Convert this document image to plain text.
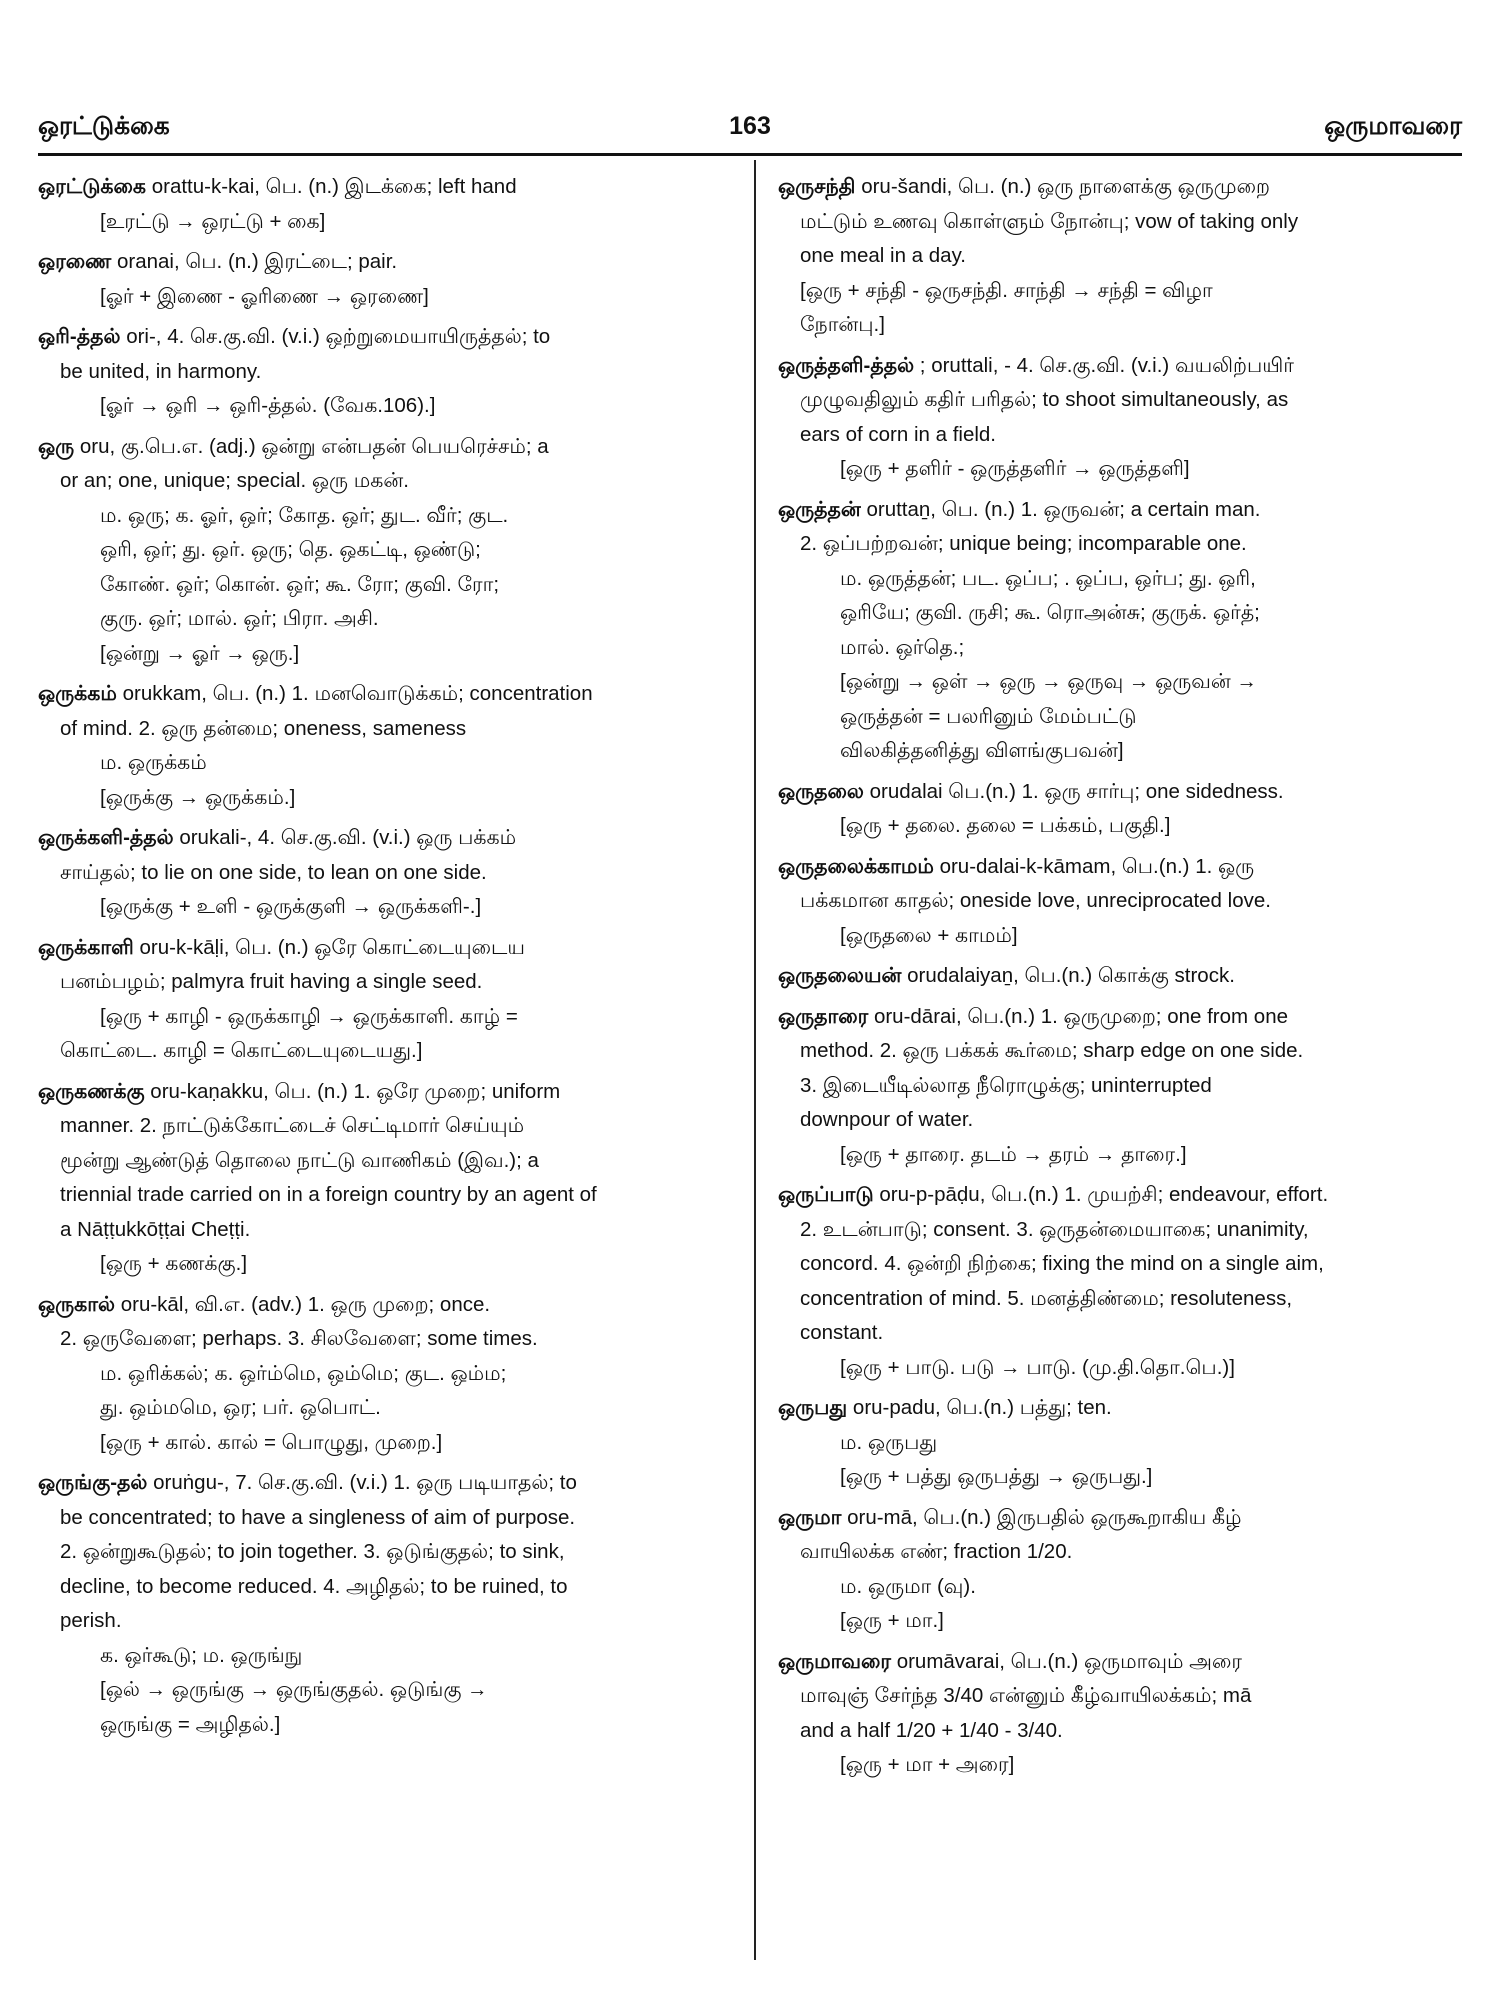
ஒரட்டுக்கை	163	ஒருமாவரை
ஒரட்டுக்கை orattu-k-kai, பெ. (n.) இடக்கை; left hand
[உரட்டு → ஒரட்டு + கை]
ஒரணை oranai, பெ. (n.) இரட்டை; pair.
[ஓர் + இணை - ஓரிணை → ஒரணை]
ஒரி-த்தல் ori-, 4. செ.கு.வி. (v.i.) ஒற்றுமையாயிருத்தல்; to
be united, in harmony.
[ஓர் → ஒரி → ஒரி-த்தல். (வேக.106).]
ஒரு oru, கு.பெ.எ. (adj.) ஒன்று என்பதன் பெயரெச்சம்; a
or an; one, unique; special. ஒரு மகன்.
ம. ஒரு; க. ஓர், ஒர்; கோத. ஒர்; துட. வீர்; குட.
ஒரி, ஒர்; து. ஒர். ஒரு; தெ. ஒகட்டி, ஒண்டு;
கோண். ஒர்; கொன். ஒர்; கூ. ரோ; குவி. ரோ;
குரு. ஒர்; மால். ஒர்; பிரா. அசி.
[ஒன்று → ஓர் → ஒரு.]
ஒருக்கம் orukkam, பெ. (n.) 1. மனவொடுக்கம்; concentration
of mind. 2. ஒரு தன்மை; oneness, sameness
ம. ஒருக்கம்
[ஒருக்கு → ஒருக்கம்.]
ஒருக்களி-த்தல் orukali-, 4. செ.கு.வி. (v.i.) ஒரு பக்கம்
சாய்தல்; to lie on one side, to lean on one side.
[ஒருக்கு + உளி - ஒருக்குளி → ஒருக்களி-.]
ஒருக்காளி oru-k-kāḷi, பெ. (n.) ஒரே கொட்டையுடைய
பனம்பழம்; palmyra fruit having a single seed.
[ஒரு + காழி - ஒருக்காழி → ஒருக்காளி. காழ் =
கொட்டை. காழி = கொட்டையுடையது.]
ஒருகணக்கு oru-kaṇakku, பெ. (n.) 1. ஒரே முறை; uniform
manner. 2. நாட்டுக்கோட்டைச் செட்டிமார் செய்யும்
மூன்று ஆண்டுத் தொலை நாட்டு வாணிகம் (இவ.); a
triennial trade carried on in a foreign country by an agent of
a Nāṭṭukkōṭṭai Cheṭṭi.
[ஒரு + கணக்கு.]
ஒருகால் oru-kāl, வி.எ. (adv.) 1. ஒரு முறை; once.
2. ஒருவேளை; perhaps. 3. சிலவேளை; some times.
ம. ஒரிக்கல்; க. ஒர்ம்மெ, ஒம்மெ; குட. ஒம்ம;
து. ஒம்மமெ, ஒர; பர். ஒபொட்.
[ஒரு + கால். கால் = பொழுது, முறை.]
ஒருங்கு-தல் oruṅgu-, 7. செ.கு.வி. (v.i.) 1. ஒரு படியாதல்; to
be concentrated; to have a singleness of aim of purpose.
2. ஒன்றுகூடுதல்; to join together. 3. ஒடுங்குதல்; to sink,
decline, to become reduced. 4. அழிதல்; to be ruined, to
perish.
க. ஒர்கூடு; ம. ஒருங்நு
[ஒல் → ஒருங்கு → ஒருங்குதல். ஒடுங்கு →
ஒருங்கு = அழிதல்.]
ஒருசந்தி oru-šandi, பெ. (n.) ஒரு நாளைக்கு ஒருமுறை
மட்டும் உணவு கொள்ளும் நோன்பு; vow of taking only
one meal in a day.
[ஒரு + சந்தி - ஒருசந்தி. சாந்தி → சந்தி = விழா
நோன்பு.]
ஒருத்தளி-த்தல் ; oruttali, - 4. செ.கு.வி. (v.i.) வயலிற்பயிர்
முழுவதிலும் கதிர் பரிதல்; to shoot simultaneously, as
ears of corn in a field.
[ஒரு + தளிர் - ஒருத்தளிர் → ஒருத்தளி]
ஒருத்தன் oruttaṉ, பெ. (n.) 1. ஒருவன்; a certain man.
2. ஒப்பற்றவன்; unique being; incomparable one.
ம. ஒருத்தன்; பட. ஒப்ப; . ஒப்ப, ஒர்ப; து. ஒரி,
ஒரியே; குவி. ருசி; கூ. ரொஅன்சு; குருக். ஒர்த்;
மால். ஒர்தெ.;
[ஒன்று → ஒள் → ஒரு → ஒருவு → ஒருவன் →
ஒருத்தன் = பலரினும் மேம்பட்டு
விலகித்தனித்து விளங்குபவன்]
ஒருதலை orudalai பெ.(n.) 1. ஒரு சார்பு; one sidedness.
[ஒரு + தலை. தலை = பக்கம், பகுதி.]
ஒருதலைக்காமம் oru-dalai-k-kāmam, பெ.(n.) 1. ஒரு
பக்கமான காதல்; oneside love, unreciprocated love.
[ஒருதலை + காமம்]
ஒருதலையன் orudalaiyaṉ, பெ.(n.) கொக்கு strock.
ஒருதாரை oru-dārai, பெ.(n.) 1. ஒருமுறை; one from one
method. 2. ஒரு பக்கக் கூர்மை; sharp edge on one side.
3. இடையீடில்லாத நீரொழுக்கு; uninterrupted
downpour of water.
[ஒரு + தாரை. தடம் → தரம் → தாரை.]
ஒருப்பாடு oru-p-pāḍu, பெ.(n.) 1. முயற்சி; endeavour, effort.
2. உடன்பாடு; consent. 3. ஒருதன்மையாகை; unanimity,
concord. 4. ஒன்றி நிற்கை; fixing the mind on a single aim,
concentration of mind. 5. மனத்திண்மை; resoluteness,
constant.
[ஒரு + பாடு. படு → பாடு. (மு.தி.தொ.பெ.)]
ஒருபது oru-padu, பெ.(n.) பத்து; ten.
ம. ஒருபது
[ஒரு + பத்து ஒருபத்து → ஒருபது.]
ஒருமா oru-mā, பெ.(n.) இருபதில் ஒருகூறாகிய கீழ்
வாயிலக்க எண்; fraction 1/20.
ம. ஒருமா (வு).
[ஒரு + மா.]
ஒருமாவரை orumāvarai, பெ.(n.) ஒருமாவும் அரை
மாவுஞ் சேர்ந்த 3/40 என்னும் கீழ்வாயிலக்கம்; mā
and a half 1/20 + 1/40 - 3/40.
[ஒரு + மா + அரை]
